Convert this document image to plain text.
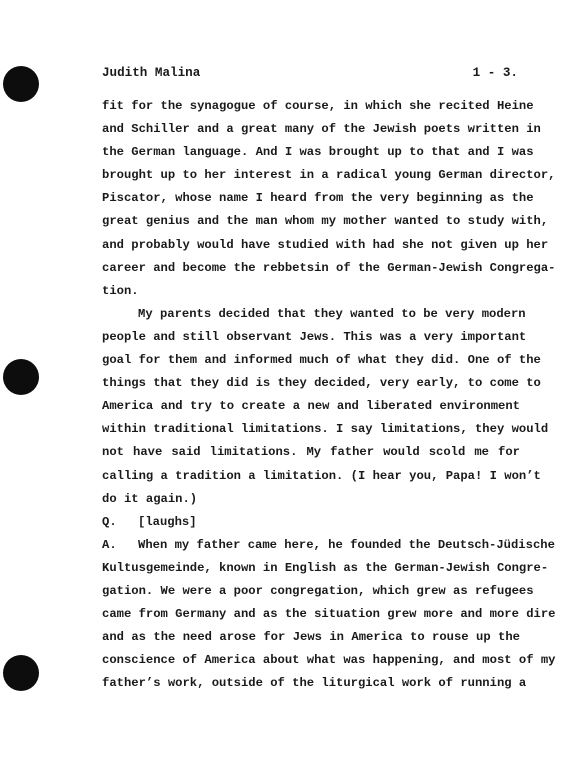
Judith Malina	1 - 3.
fit for the synagogue of course, in which she recited Heine
and Schiller and a great many of the Jewish poets written in
the German language. And I was brought up to that and I was
brought up to her interest in a radical young German director,
Piscator, whose name I heard from the very beginning as the
great genius and the man whom my mother wanted to study with,
and probably would have studied with had she not given up her
career and become the rebbetsin of the German-Jewish Congrega-
tion.
My parents decided that they wanted to be very modern
people and still observant Jews. This was a very important
goal for them and informed much of what they did. One of the
things that they did is they decided, very early, to come to
America and try to create a new and liberated environment
within traditional limitations. I say limitations, they would
not have said limitations. My father would scold me for
calling a tradition a limitation. (I hear you, Papa! I won’t
do it again.)
Q. [laughs]
A. When my father came here, he founded the Deutsch-Jüdische
Kultusgemeinde, known in English as the German-Jewish Congre-
gation. We were a poor congregation, which grew as refugees
came from Germany and as the situation grew more and more dire
and as the need arose for Jews in America to rouse up the
conscience of America about what was happening, and most of my
father’s work, outside of the liturgical work of running a
